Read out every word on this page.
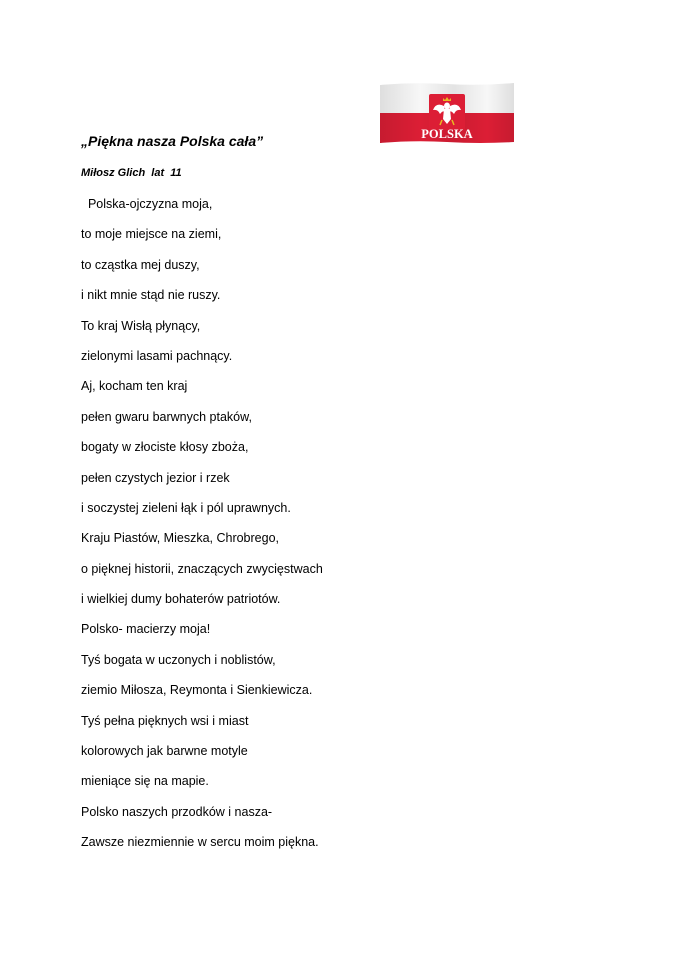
„Piękna nasza Polska cała”
Miłosz Glich  lat  11
Polska-ojczyzna moja,
to moje miejsce na ziemi,
to cząstka mej duszy,
i nikt mnie stąd nie ruszy.
To kraj Wisłą płynący,
zielonymi lasami pachnący.
Aj, kocham ten kraj
pełen gwaru barwnych ptaków,
bogaty w złociste kłosy zboża,
pełen czystych jezior i rzek
i soczystej zieleni łąk i pól uprawnych.
Kraju Piastów, Mieszka, Chrobrego,
o pięknej historii, znaczących zwycięstwach
i wielkiej dumy bohaterów patriotów.
Polsko- macierzy moja!
Tyś bogata w uczonych i noblistów,
ziemio Miłosza, Reymonta i Sienkiewicza.
Tyś pełna pięknych wsi i miast
kolorowych jak barwne motyle
mieniące się na mapie.
Polsko naszych przodków i nasza-
Zawsze niezmiennie w sercu moim piękna.
POLSKA
